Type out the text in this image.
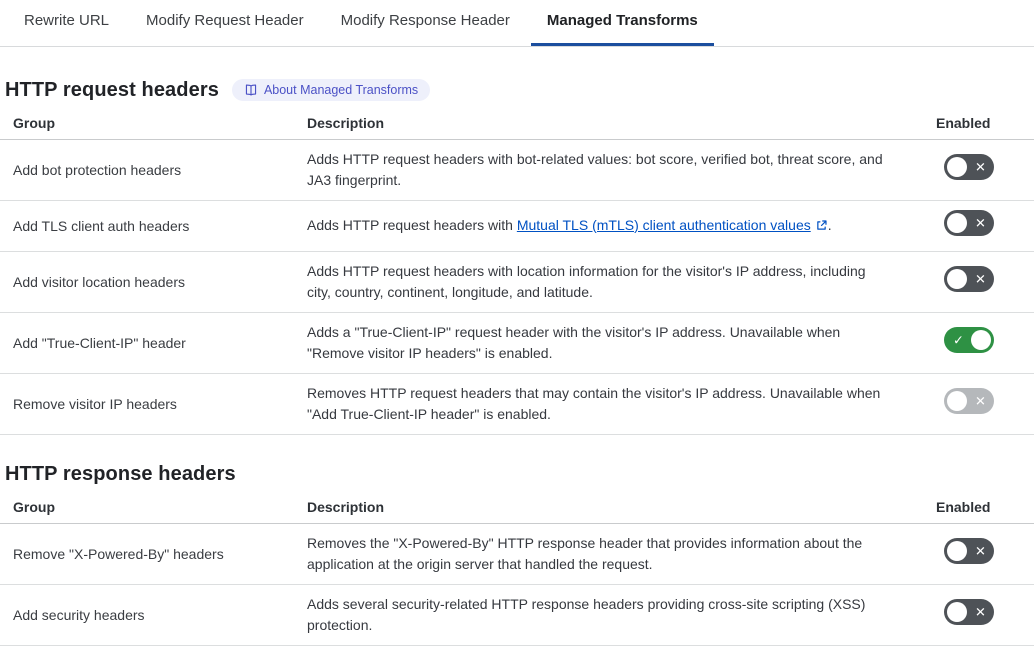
Rewrite URL	Modify Request Header	Modify Response Header	Managed Transforms
HTTP request headers	About Managed Transforms
Group	Description	Enabled
Add bot protection headers	Adds HTTP request headers with bot-related values: bot score, verified bot, threat score, and JA3 fingerprint.	✕

Add TLS client auth headers	Adds HTTP request headers with Mutual TLS (mTLS) client authentication values .	✕

Add visitor location headers	Adds HTTP request headers with location information for the visitor's IP address, including city, country, continent, longitude, and latitude.	✕

Add "True-Client-IP" header	Adds a "True-Client-IP" request header with the visitor's IP address. Unavailable when "Remove visitor IP headers" is enabled.	✓

Remove visitor IP headers	Removes HTTP request headers that may contain the visitor's IP address. Unavailable when "Add True-Client-IP header" is enabled.	✕
HTTP response headers
Group	Description	Enabled
Remove "X-Powered-By" headers	Removes the "X-Powered-By" HTTP response header that provides information about the application at the origin server that handled the request.	✕

Add security headers	Adds several security-related HTTP response headers providing cross-site scripting (XSS) protection.	✕
